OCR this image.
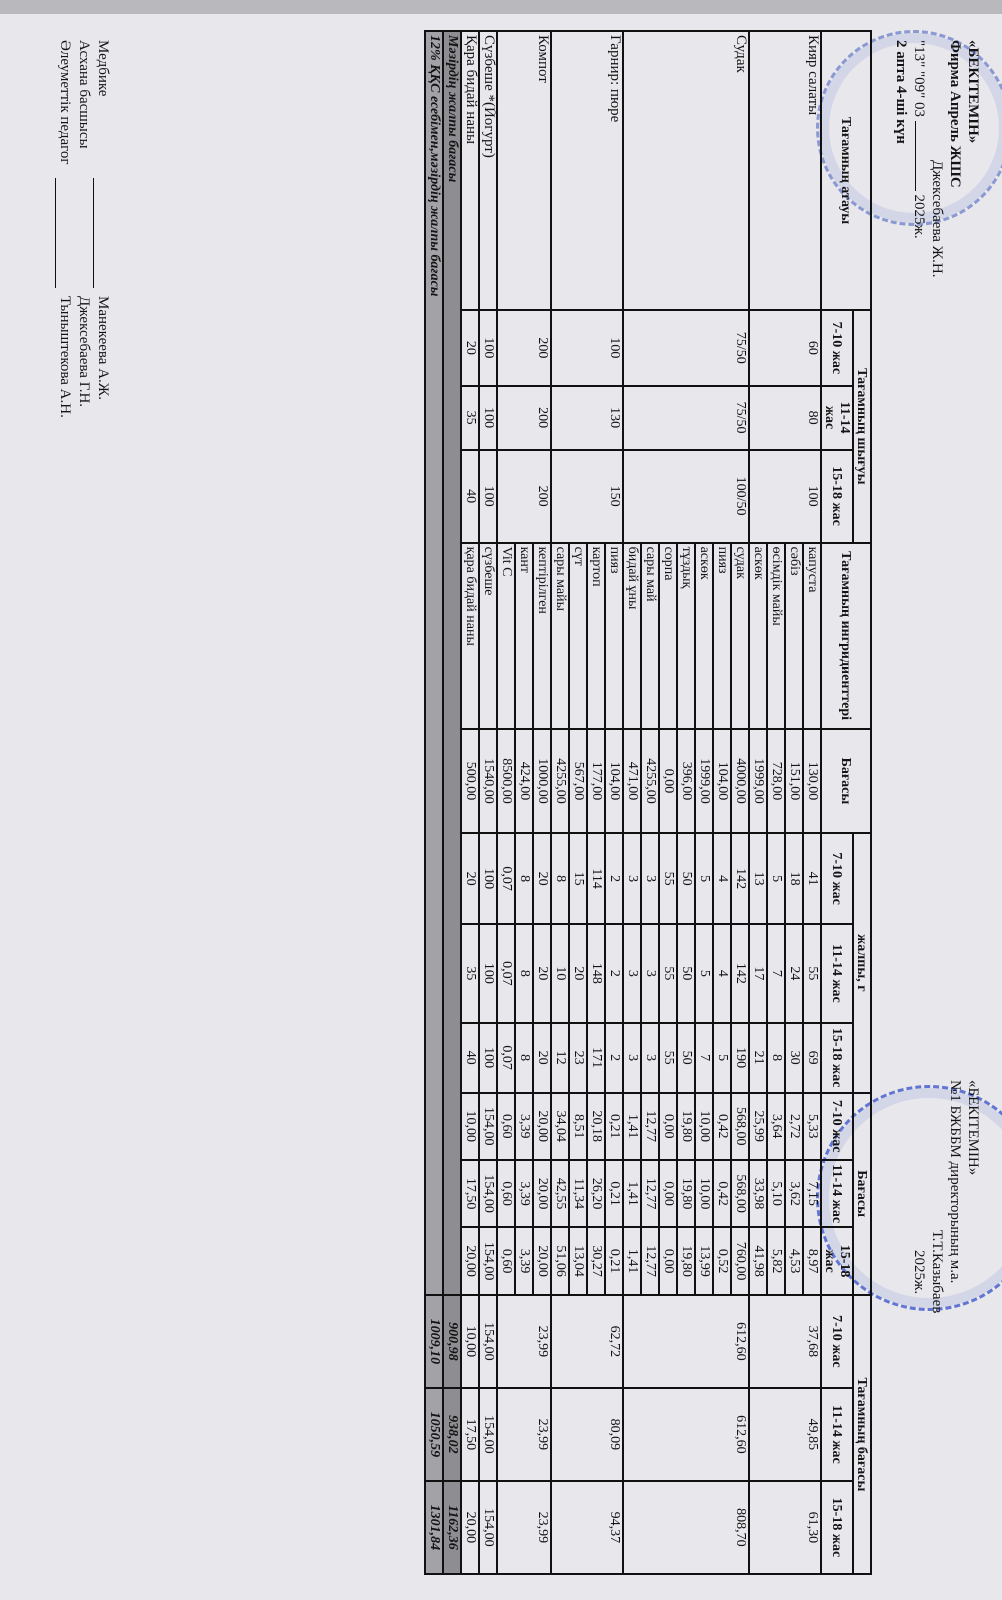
«БЕКІТЕМІН»
Фирма Апрель ЖШС
Джексебаева Ж.Н.
"13" "09" 03  2025ж.
2 апта 4-ші күн
«БЕКІТЕМІН»
№1 БЖББМ директорының м.а.
Т.Т.Казыбаев
2025ж.
Тағамның атауы	Тағамның шығуы			Тағамның ингридиенттері	Бағасы	жалпы, г			Бағасы			Тағамның бағасы		
	7-10 жас	11-14 жас	15-18 жас			7-10 жас	11-14 жас	15-18 жас	7-10 жас	11-14 жас	15-18 жас	7-10 жас	11-14 жас	15-18 жас
Кияр салаты	60	80	100	капуста	130,00	41	55	69	5,33	7,15	8,97	37,68	49,85	61,30
				сәбіз	151,00	18	24	30	2,72	3,62	4,53			
				өсімдік майы	728,00	5	7	8	3,64	5,10	5,82			
				аскөк	1999,00	13	17	21	25,99	33,98	41,98			
Судак	75/50	75/50	100/50	судак	4000,00	142	142	190	568,00	568,00	760,00	612,60	612,60	808,70
				пияз	104,00	4	4	5	0,42	0,42	0,52			
				аскөк	1999,00	5	5	7	10,00	10,00	13,99			
				тұздық	396,00	50	50	50	19,80	19,80	19,80			
				сорпа	0,00	55	55	55	0,00	0,00	0,00			
				сары май	4255,00	3	3	3	12,77	12,77	12,77			
				бидай ұны	471,00	3	3	3	1,41	1,41	1,41			
Гарнир: пюре	100	130	150	пияз	104,00	2	2	2	0,21	0,21	0,21	62,72	80,09	94,37
				картоп	177,00	114	148	171	20,18	26,20	30,27			
				сүт	567,00	15	20	23	8,51	11,34	13,04			
				сары майы	4255,00	8	10	12	34,04	42,55	51,06			
Компот	200	200	200	кептірілген	1000,00	20	20	20	20,00	20,00	20,00	23,99	23,99	23,99
				кант	424,00	8	8	8	3,39	3,39	3,39			
				Vit C	8500,00	0,07	0,07	0,07	0,60	0,60	0,60			
Сүзбеше *(Йогурт)	100	100	100	сүзбеше	1540,00	100	100	100	154,00	154,00	154,00	154,00	154,00	154,00
Қара бидай наны	20	35	40	қара бидай наны	500,00	20	35	40	10,00	17,50	20,00	10,00	17,50	20,00
Мәзірдің жалпы бағасы												900,98	938,02	1162,36
12% ҚҚС есебімен,мәзірдің жалпы бағасы												1009,10	1050,59	1301,84
Медбике
Манекеева А.Ж.
Асхана басшысы
Джексебаева Г.Н.
Әлеуметтік педагог
Тыныштекова А.Н.
